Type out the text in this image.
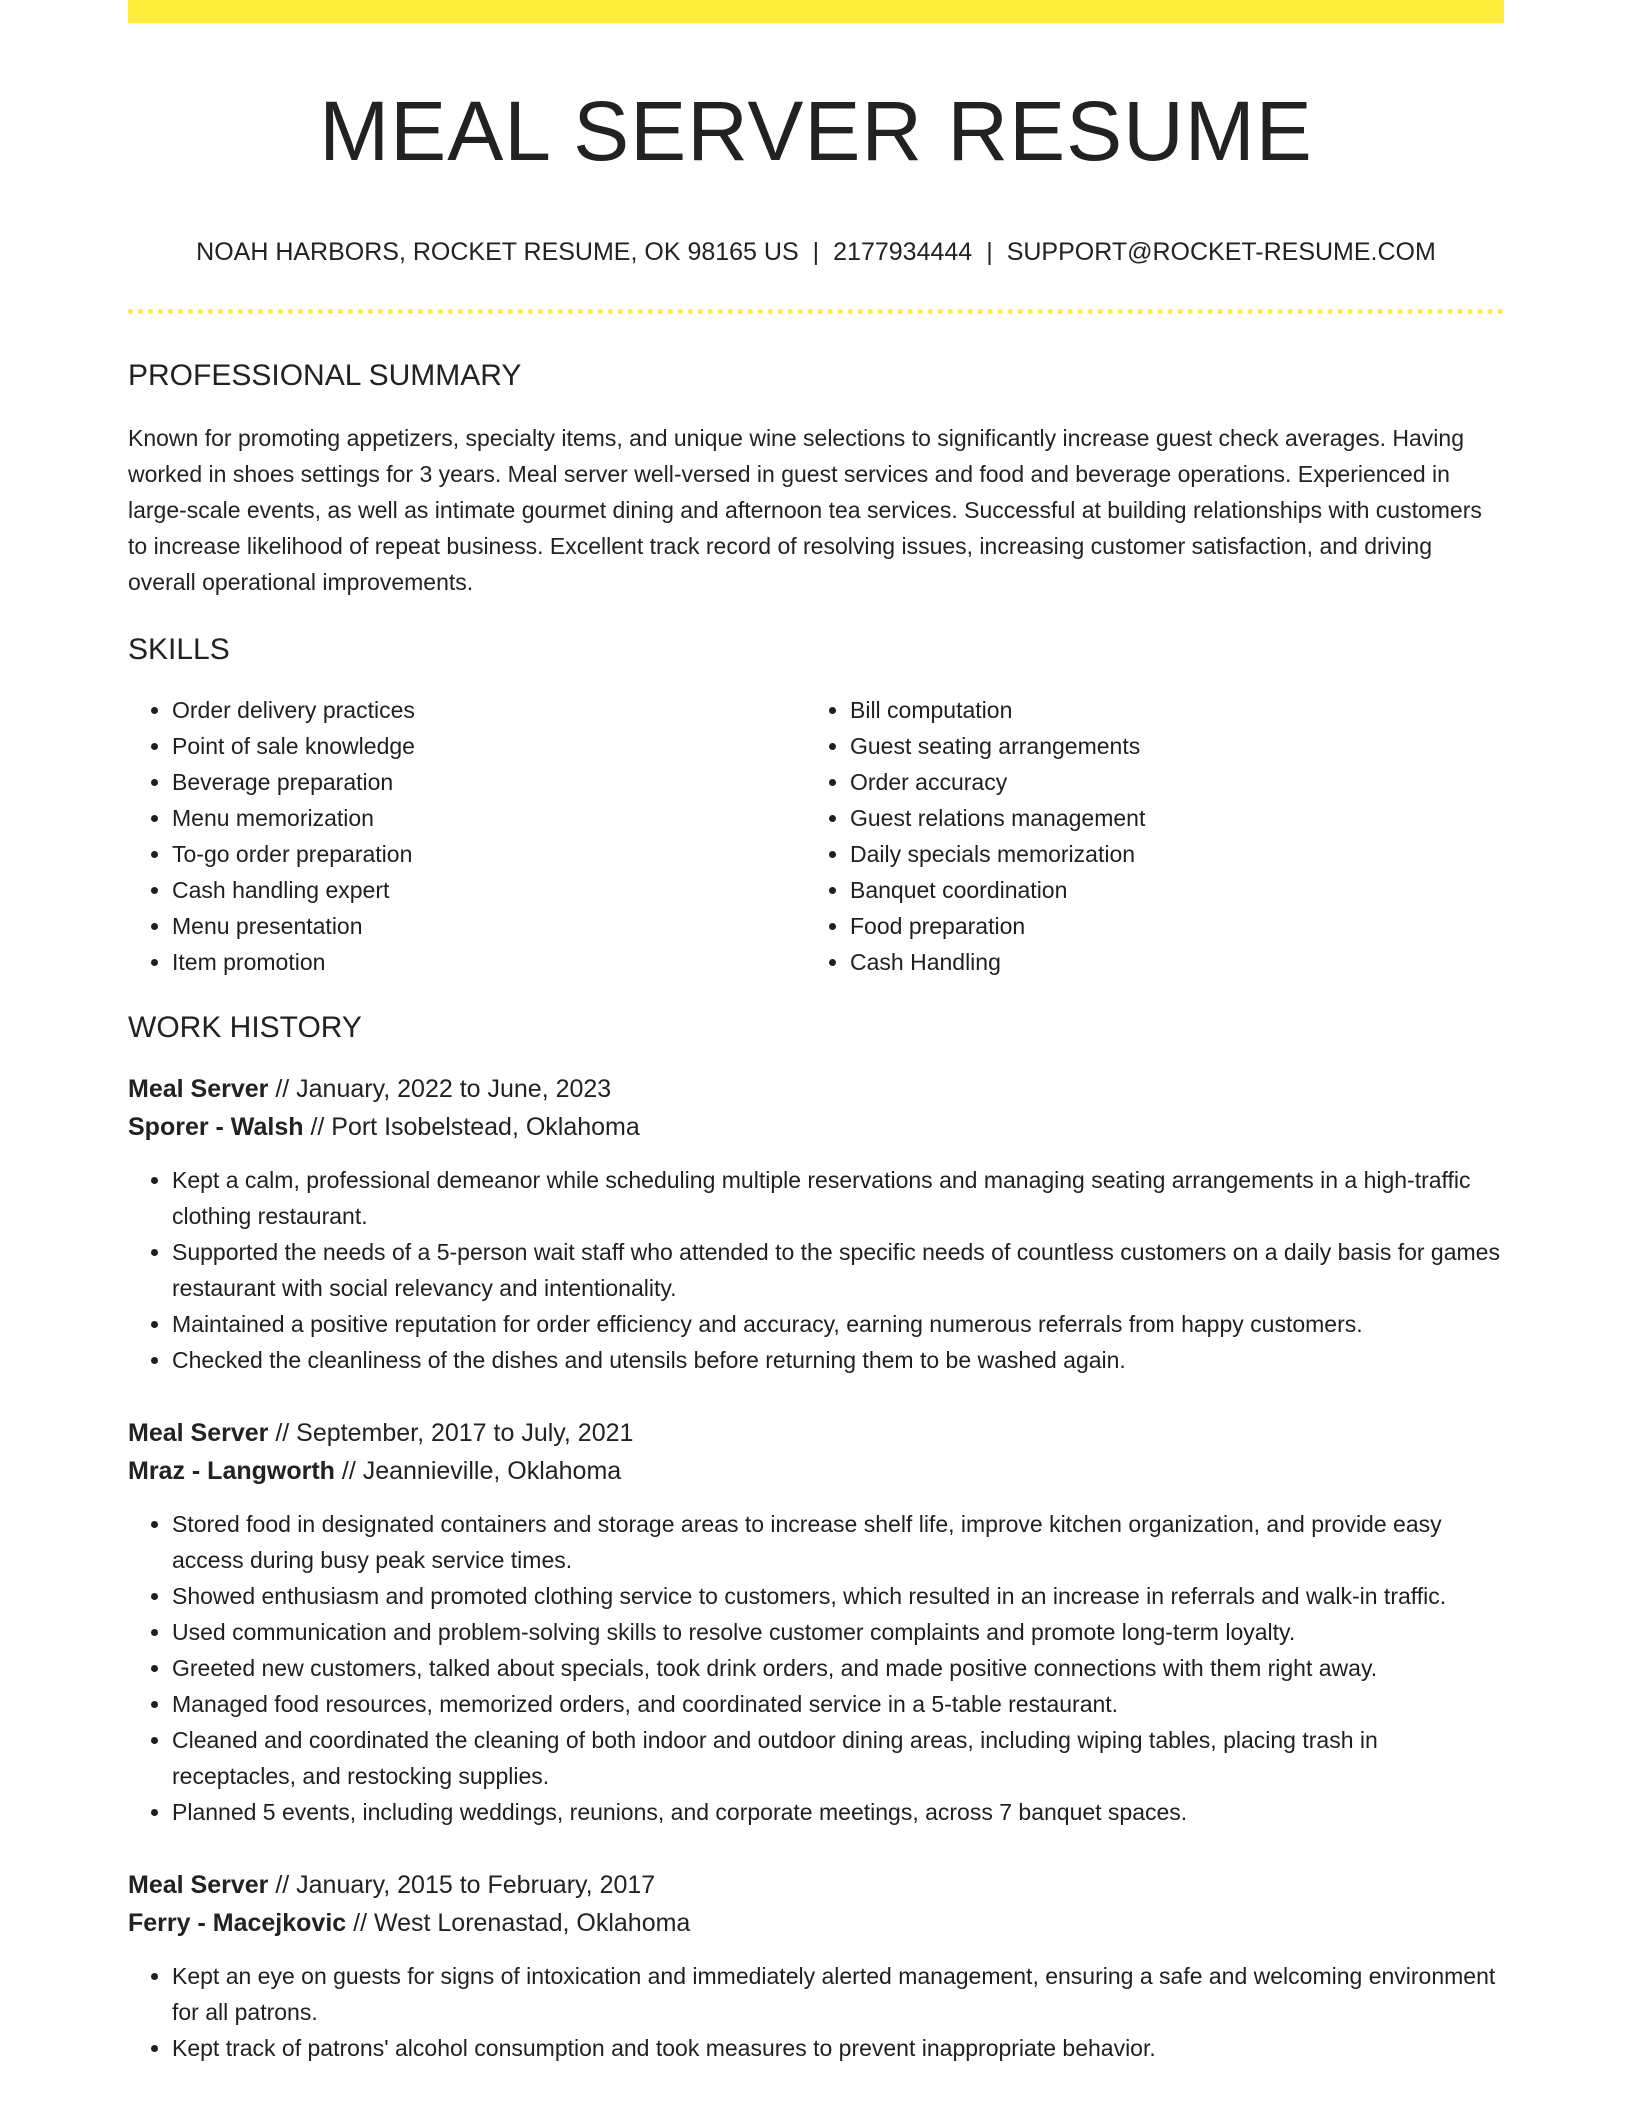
MEAL SERVER RESUME
NOAH HARBORS, ROCKET RESUME, OK 98165 US | 2177934444 | SUPPORT@ROCKET-RESUME.COM
PROFESSIONAL SUMMARY

Known for promoting appetizers, specialty items, and unique wine selections to significantly increase guest check averages. Having worked in shoes settings for 3 years. Meal server well-versed in guest services and food and beverage operations. Experienced in large-scale events, as well as intimate gourmet dining and afternoon tea services. Successful at building relationships with customers to increase likelihood of repeat business. Excellent track record of resolving issues, increasing customer satisfaction, and driving overall operational improvements.

SKILLS
• Order delivery practices
• Point of sale knowledge
• Beverage preparation
• Menu memorization
• To-go order preparation
• Cash handling expert
• Menu presentation
• Item promotion
• Bill computation
• Guest seating arrangements
• Order accuracy
• Guest relations management
• Daily specials memorization
• Banquet coordination
• Food preparation
• Cash Handling
WORK HISTORY
Meal Server // January, 2022 to June, 2023
Sporer - Walsh // Port Isobelstead, Oklahoma
• Kept a calm, professional demeanor while scheduling multiple reservations and managing seating arrangements in a high-traffic clothing restaurant.
• Supported the needs of a 5-person wait staff who attended to the specific needs of countless customers on a daily basis for games restaurant with social relevancy and intentionality.
• Maintained a positive reputation for order efficiency and accuracy, earning numerous referrals from happy customers.
• Checked the cleanliness of the dishes and utensils before returning them to be washed again.
Meal Server // September, 2017 to July, 2021
Mraz - Langworth // Jeannieville, Oklahoma
• Stored food in designated containers and storage areas to increase shelf life, improve kitchen organization, and provide easy access during busy peak service times.
• Showed enthusiasm and promoted clothing service to customers, which resulted in an increase in referrals and walk-in traffic.
• Used communication and problem-solving skills to resolve customer complaints and promote long-term loyalty.
• Greeted new customers, talked about specials, took drink orders, and made positive connections with them right away.
• Managed food resources, memorized orders, and coordinated service in a 5-table restaurant.
• Cleaned and coordinated the cleaning of both indoor and outdoor dining areas, including wiping tables, placing trash in receptacles, and restocking supplies.
• Planned 5 events, including weddings, reunions, and corporate meetings, across 7 banquet spaces.
Meal Server // January, 2015 to February, 2017
Ferry - Macejkovic // West Lorenastad, Oklahoma
• Kept an eye on guests for signs of intoxication and immediately alerted management, ensuring a safe and welcoming environment for all patrons.
• Kept track of patrons' alcohol consumption and took measures to prevent inappropriate behavior.
